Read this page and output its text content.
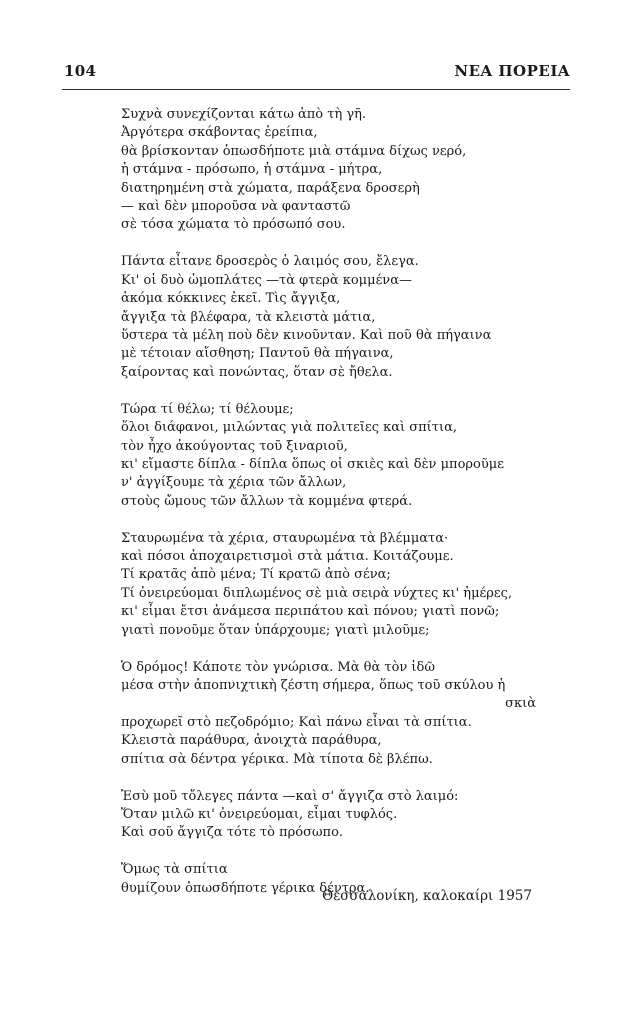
104	ΝΕΑ ΠΟΡΕΙΑ
Συχνὰ συνεχίζονται κάτω ἀπὸ τὴ γῆ.
Ἀργότερα σκάβοντας ἐρείπια,
θὰ βρίσκονταν ὁπωσδήποτε μιὰ στάμνα δίχως νερό,
ἡ στάμνα - πρόσωπο, ἡ στάμνα - μήτρα,
διατηρημένη στὰ χώματα, παράξενα δροσερὴ
— καὶ δὲν μποροῦσα νὰ φανταστῶ
σὲ τόσα χώματα τὸ πρόσωπό σου.
Πάντα εἶτανε δροσερὸς ὁ λαιμός σου, ἔλεγα.
Κι' οἱ δυὸ ὠμοπλάτες —τὰ φτερὰ κομμένα—
ἀκόμα κόκκινες ἐκεῖ. Τὶς ἄγγιξα,
ἄγγιξα τὰ βλέφαρα, τὰ κλειστὰ μάτια,
ὕστερα τὰ μέλη ποὺ δὲν κινοῦνταν. Καὶ ποῦ θὰ πήγαινα
μὲ τέτοιαν αἴσθηση; Παντοῦ θὰ πήγαινα,
ξαίροντας καὶ πονώντας, ὅταν σὲ ἤθελα.
Τώρα τί θέλω; τί θέλουμε;
ὅλοι διάφανοι, μιλώντας γιὰ πολιτεῖες καὶ σπίτια,
τὸν ἦχο ἀκούγοντας τοῦ ξιναριοῦ,
κι' εἴμαστε δίπλα - δίπλα ὅπως οἱ σκιὲς καὶ δὲν μποροῦμε
ν' ἀγγίξουμε τὰ χέρια τῶν ἄλλων,
στοὺς ὤμους τῶν ἄλλων τὰ κομμένα φτερά.
Σταυρωμένα τὰ χέρια, σταυρωμένα τὰ βλέμματα·
καὶ πόσοι ἀποχαιρετισμοὶ στὰ μάτια. Κοιτάζουμε.
Τί κρατᾶς ἀπὸ μένα; Τί κρατῶ ἀπὸ σένα;
Τί ὀνειρεύομαι διπλωμένος σὲ μιὰ σειρὰ νύχτες κι' ἡμέρες,
κι' εἶμαι ἔτσι ἀνάμεσα περιπάτου καὶ πόνου; γιατὶ πονῶ;
γιατὶ πονοῦμε ὅταν ὑπάρχουμε; γιατὶ μιλοῦμε;
Ὁ δρόμος! Κάποτε τὸν γνώρισα. Μὰ θὰ τὸν ἰδῶ
μέσα στὴν ἀποπνιχτικὴ ζέστη σήμερα, ὅπως τοῦ σκύλου ἡ
σκιὰ
προχωρεῖ στὸ πεζοδρόμιο; Καὶ πάνω εἶναι τὰ σπίτια.
Κλειστὰ παράθυρα, ἀνοιχτὰ παράθυρα,
σπίτια σὰ δέντρα γέρικα. Μὰ τίποτα δὲ βλέπω.
Ἐσὺ μοῦ τὄλεγες πάντα —καὶ σ' ἄγγιζα στὸ λαιμό:
Ὅταν μιλῶ κι' ὀνειρεύομαι, εἶμαι τυφλός.
Καὶ σοῦ ἄγγιζα τότε τὸ πρόσωπο.
Ὅμως τὰ σπίτια
θυμίζουν ὁπωσδήποτε γέρικα δέντρα.
Θεσσαλονίκη, καλοκαίρι 1957
